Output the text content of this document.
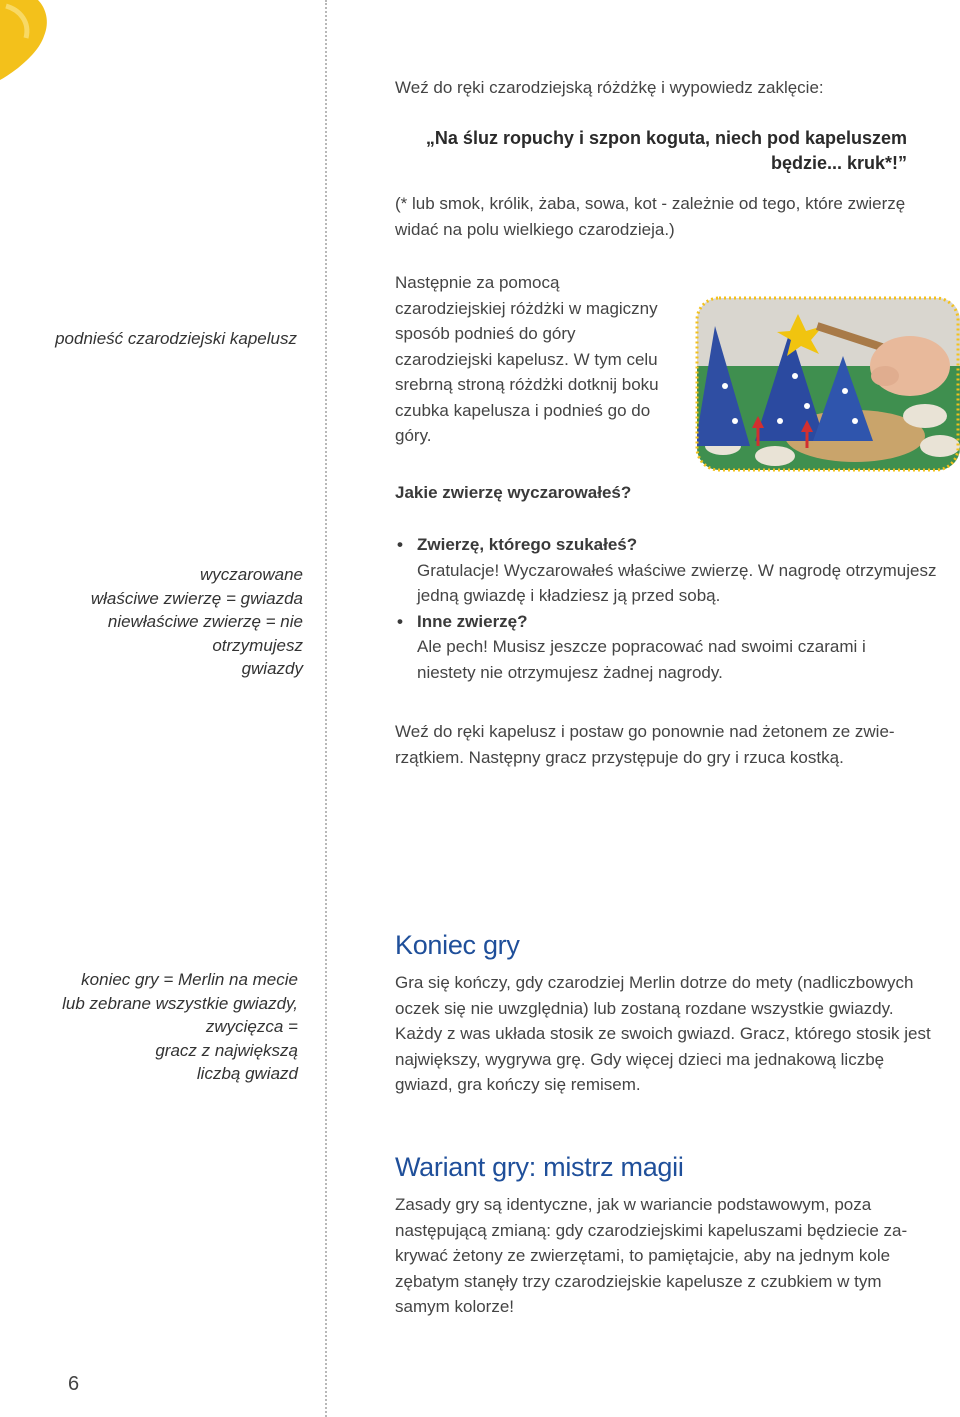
Weź do ręki czarodziejską różdżkę i wypowiedz zaklęcie:
„Na śluz ropuchy i szpon koguta, niech pod kapeluszem
będzie... kruk*!”
(* lub smok, królik, żaba, sowa, kot - zależnie od tego, które zwierzę
widać na polu wielkiego czarodzieja.)
podnieść czarodziejski kapelusz
Następnie za pomocą
czarodziejskiej różdżki w magiczny
sposób podnieś do góry
czarodziejski kapelusz. W tym celu
srebrną stroną różdżki dotknij boku
czubka kapelusza i podnieś go do
góry.
Jakie zwierzę wyczarowałeś?
wyczarowane
właściwe zwierzę = gwiazda
niewłaściwe zwierzę = nie
otrzymujesz
gwiazdy
• Zwierzę, którego szukałeś?
Gratulacje! Wyczarowałeś właściwe zwierzę. W nagrodę otrzymujesz
jedną gwiazdę i kładziesz ją przed sobą.
• Inne zwierzę?
Ale pech! Musisz jeszcze popracować nad swoimi czarami i
niestety nie otrzymujesz żadnej nagrody.
Weź do ręki kapelusz i postaw go ponownie nad żetonem ze zwie-
rzątkiem. Następny gracz przystępuje do gry i rzuca kostką.
Koniec gry
koniec gry = Merlin na mecie
lub zebrane wszystkie gwiazdy,
zwycięzca =
gracz z największą
liczbą gwiazd
Gra się kończy, gdy czarodziej Merlin dotrze do mety (nadliczbowych
oczek się nie uwzględnia) lub zostaną rozdane wszystkie gwiazdy.
Każdy z was układa stosik ze swoich gwiazd. Gracz, którego stosik jest
największy, wygrywa grę. Gdy więcej dzieci ma jednakową liczbę
gwiazd, gra kończy się remisem.
Wariant gry: mistrz magii
Zasady gry są identyczne, jak w wariancie podstawowym, poza
następującą zmianą: gdy czarodziejskimi kapeluszami będziecie za-
krywać żetony ze zwierzętami, to pamiętajcie, aby na jednym kole
zębatym stanęły trzy czarodziejskie kapelusze z czubkiem w tym
samym kolorze!
6
